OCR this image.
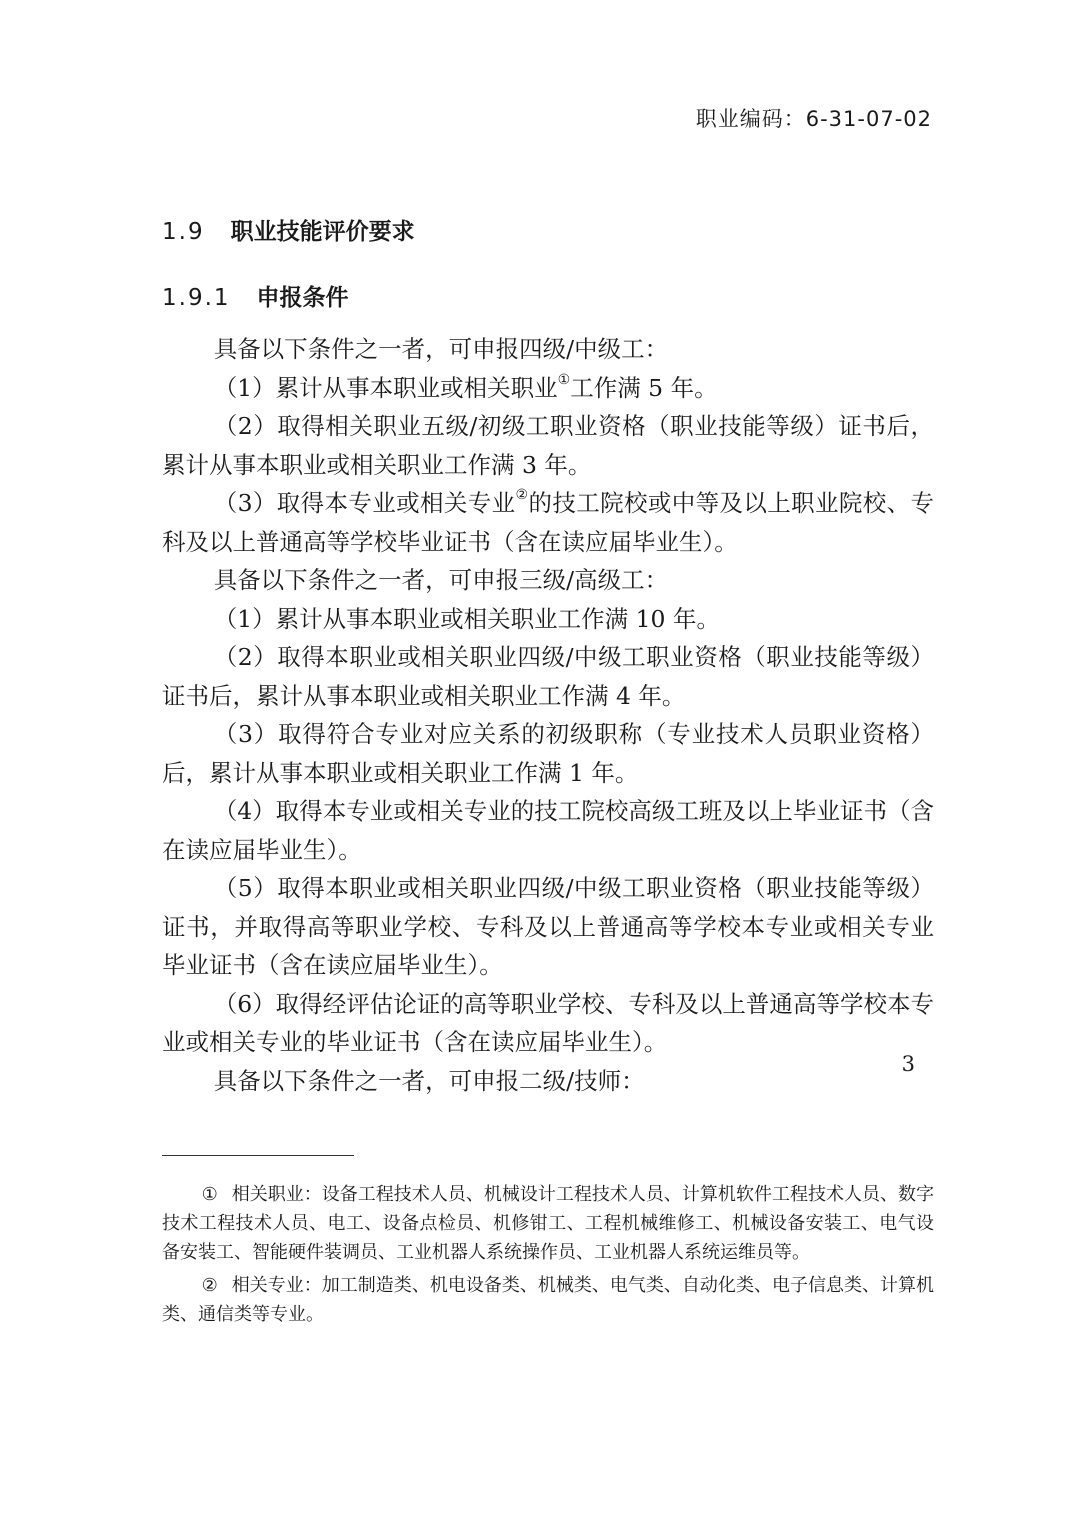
职业编码：6-31-07-02
1.9 职业技能评价要求
1.9.1 申报条件

具备以下条件之一者，可申报四级/中级工：

（1）累计从事本职业或相关职业①工作满 5 年。

（2）取得相关职业五级/初级工职业资格（职业技能等级）证书后，累计从事本职业或相关职业工作满 3 年。

（3）取得本专业或相关专业②的技工院校或中等及以上职业院校、专科及以上普通高等学校毕业证书（含在读应届毕业生）。

具备以下条件之一者，可申报三级/高级工：

（1）累计从事本职业或相关职业工作满 10 年。

（2）取得本职业或相关职业四级/中级工职业资格（职业技能等级）证书后，累计从事本职业或相关职业工作满 4 年。

（3）取得符合专业对应关系的初级职称（专业技术人员职业资格）后，累计从事本职业或相关职业工作满 1 年。

（4）取得本专业或相关专业的技工院校高级工班及以上毕业证书（含在读应届毕业生）。

（5）取得本职业或相关职业四级/中级工职业资格（职业技能等级）证书，并取得高等职业学校、专科及以上普通高等学校本专业或相关专业毕业证书（含在读应届毕业生）。

（6）取得经评估论证的高等职业学校、专科及以上普通高等学校本专业或相关专业的毕业证书（含在读应届毕业生）。

具备以下条件之一者，可申报二级/技师：

① 相关职业：设备工程技术人员、机械设计工程技术人员、计算机软件工程技术人员、数字技术工程技术人员、电工、设备点检员、机修钳工、工程机械维修工、机械设备安装工、电气设备安装工、智能硬件装调员、工业机器人系统操作员、工业机器人系统运维员等。

② 相关专业：加工制造类、机电设备类、机械类、电气类、自动化类、电子信息类、计算机类、通信类等专业。

3
